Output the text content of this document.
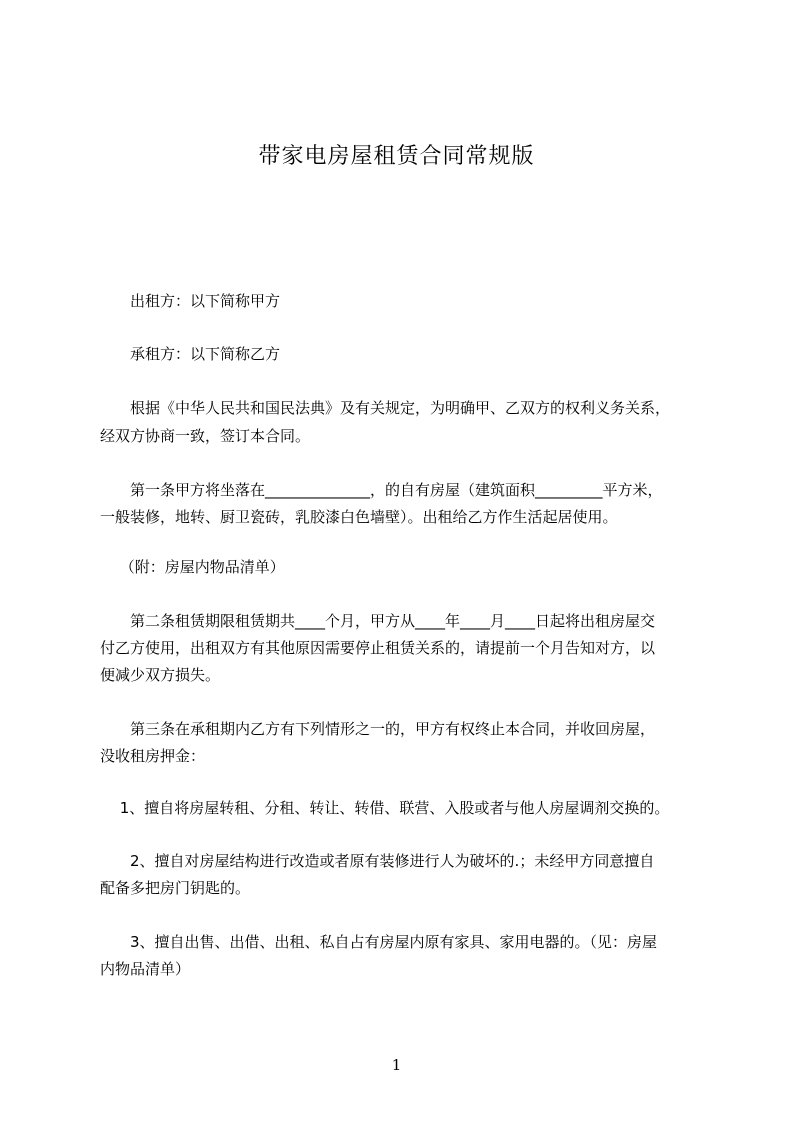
带家电房屋租赁合同常规版
　　出租方：以下简称甲方
　　承租方：以下简称乙方
　　根据《中华人民共和国民法典》及有关规定，为明确甲、乙双方的权利义务关系，
经双方协商一致，签订本合同。
　　第一条甲方将坐落在______________，的自有房屋（建筑面积_________平方米，
一般装修，地转、厨卫瓷砖，乳胶漆白色墙壁）。出租给乙方作生活起居使用。
　 （附：房屋内物品清单）
　　第二条租赁期限租赁期共____个月，甲方从____年____月____日起将出租房屋交
付乙方使用，出租双方有其他原因需要停止租赁关系的，请提前一个月告知对方，以
便减少双方损失。
　　第三条在承租期内乙方有下列情形之一的，甲方有权终止本合同，并收回房屋，
没收租房押金：
　 1、擅自将房屋转租、分租、转让、转借、联营、入股或者与他人房屋调剂交换的。
　　2、擅自对房屋结构进行改造或者原有装修进行人为破坏的.；未经甲方同意擅自
配备多把房门钥匙的。
　　3、擅自出售、出借、出租、私自占有房屋内原有家具、家用电器的。（见：房屋
内物品清单）
1
